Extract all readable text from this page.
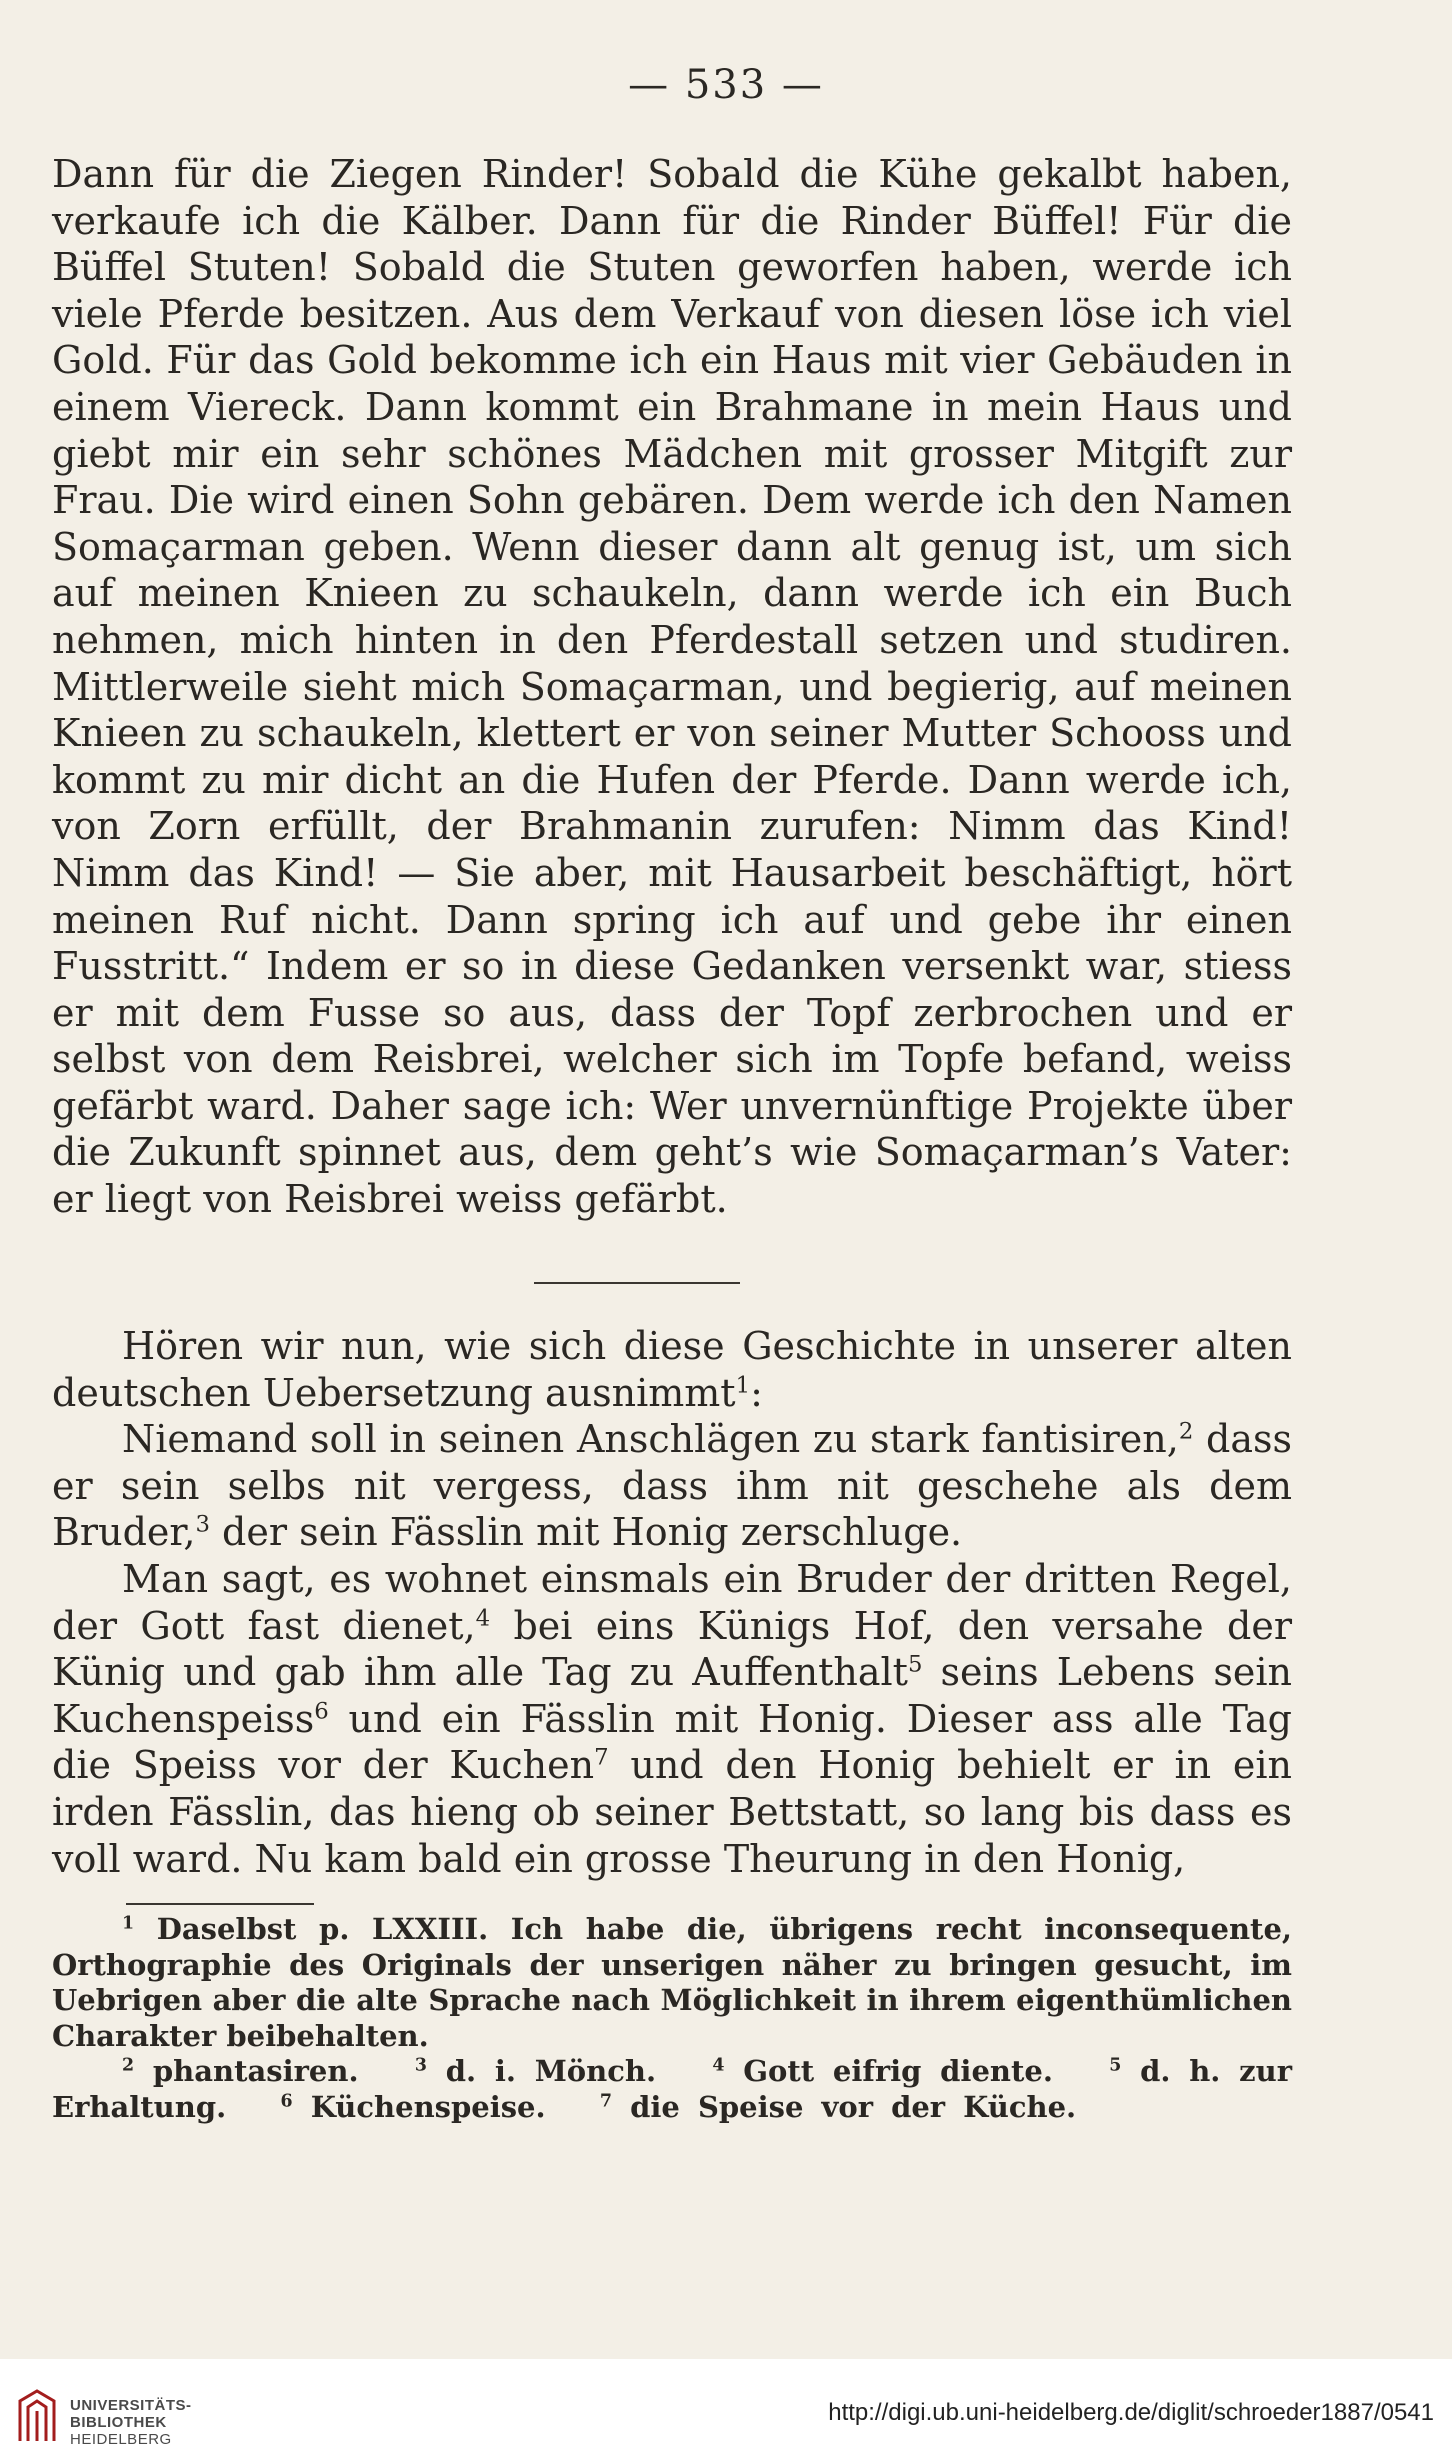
— 533 —

Dann für die Ziegen Rinder! Sobald die Kühe gekalbt haben, verkaufe ich die Kälber. Dann für die Rinder Büffel! Für die Büffel Stuten! Sobald die Stuten geworfen haben, werde ich viele Pferde besitzen. Aus dem Verkauf von diesen löse ich viel Gold. Für das Gold bekomme ich ein Haus mit vier Gebäuden in einem Viereck. Dann kommt ein Brahmane in mein Haus und giebt mir ein sehr schönes Mädchen mit grosser Mitgift zur Frau. Die wird einen Sohn gebären. Dem werde ich den Namen Somaçarman geben. Wenn dieser dann alt genug ist, um sich auf meinen Knieen zu schaukeln, dann werde ich ein Buch nehmen, mich hinten in den Pferdestall setzen und studiren. Mittlerweile sieht mich Somaçarman, und begierig, auf meinen Knieen zu schaukeln, klettert er von seiner Mutter Schooss und kommt zu mir dicht an die Hufen der Pferde. Dann werde ich, von Zorn erfüllt, der Brahmanin zurufen: Nimm das Kind! Nimm das Kind! — Sie aber, mit Hausarbeit beschäftigt, hört meinen Ruf nicht. Dann spring ich auf und gebe ihr einen Fusstritt.“ Indem er so in diese Gedanken versenkt war, stiess er mit dem Fusse so aus, dass der Topf zerbrochen und er selbst von dem Reisbrei, welcher sich im Topfe befand, weiss gefärbt ward. Daher sage ich: Wer unvernünftige Projekte über die Zukunft spinnet aus, dem geht’s wie Somaçarman’s Vater: er liegt von Reisbrei weiss gefärbt.

Hören wir nun, wie sich diese Geschichte in unserer alten deutschen Uebersetzung ausnimmt$^1$:

Niemand soll in seinen Anschlägen zu stark fantisiren,$^2$ dass er sein selbs nit vergess, dass ihm nit geschehe als dem Bruder,$^3$ der sein Fässlin mit Honig zerschluge.

Man sagt, es wohnet einsmals ein Bruder der dritten Regel, der Gott fast dienet,$^4$ bei eins Künigs Hof, den versahe der Künig und gab ihm alle Tag zu Auffenthalt$^5$ seins Lebens sein Kuchenspeiss$^6$ und ein Fässlin mit Honig. Dieser ass alle Tag die Speiss vor der Kuchen$^7$ und den Honig behielt er in ein irden Fässlin, das hieng ob seiner Bettstatt, so lang bis dass es voll ward. Nu kam bald ein grosse Theurung in den Honig,

$^1$ Daselbst p. LXXIII. Ich habe die, übrigens recht inconsequente, Orthographie des Originals der unserigen näher zu bringen gesucht, im Uebrigen aber die alte Sprache nach Möglichkeit in ihrem eigenthümlichen Charakter beibehalten.

$^2$ phantasiren.	$^3$ d. i. Mönch.	$^4$ Gott eifrig diente.	$^5$ d. h. zur Erhaltung.	$^6$ Küchenspeise.	$^7$ die Speise vor der Küche.

UNIVERSITÄTS-
BIBLIOTHEK
HEIDELBERG
http://digi.ub.uni-heidelberg.de/diglit/schroeder1887/0541
